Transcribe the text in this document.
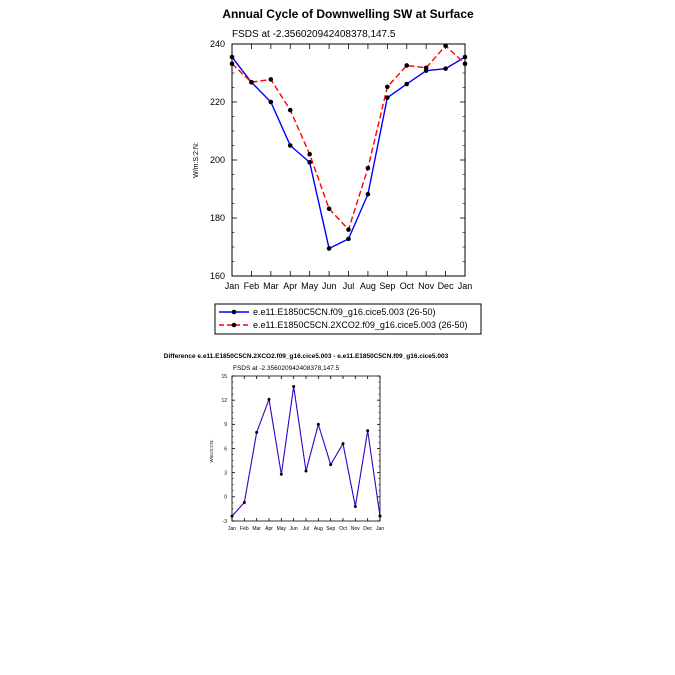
Annual Cycle of Downwelling SW at Surface
FSDS at -2.356020942408378,147.5
W/m:S:2:N:
e.e11.E1850C5CN.f09_g16.cice5.003 (26-50)
e.e11.E1850C5CN.2XCO2.f09_g16.cice5.003 (26-50)
Difference e.e11.E1850C5CN.2XCO2.f09_g16.cice5.003 - e.e11.E1850C5CN.f09_g16.cice5.003
FSDS at -2.356020942408378,147.5
W/m:S:2:N:
160
180
200
220
240
Jan Feb Mar Apr May Jun Jul Aug Sep Oct Nov Dec Jan
-3
0
3
6
9
12
15
Jan Feb Mar Apr May Jun Jul Aug Sep Oct Nov Dec Jan
